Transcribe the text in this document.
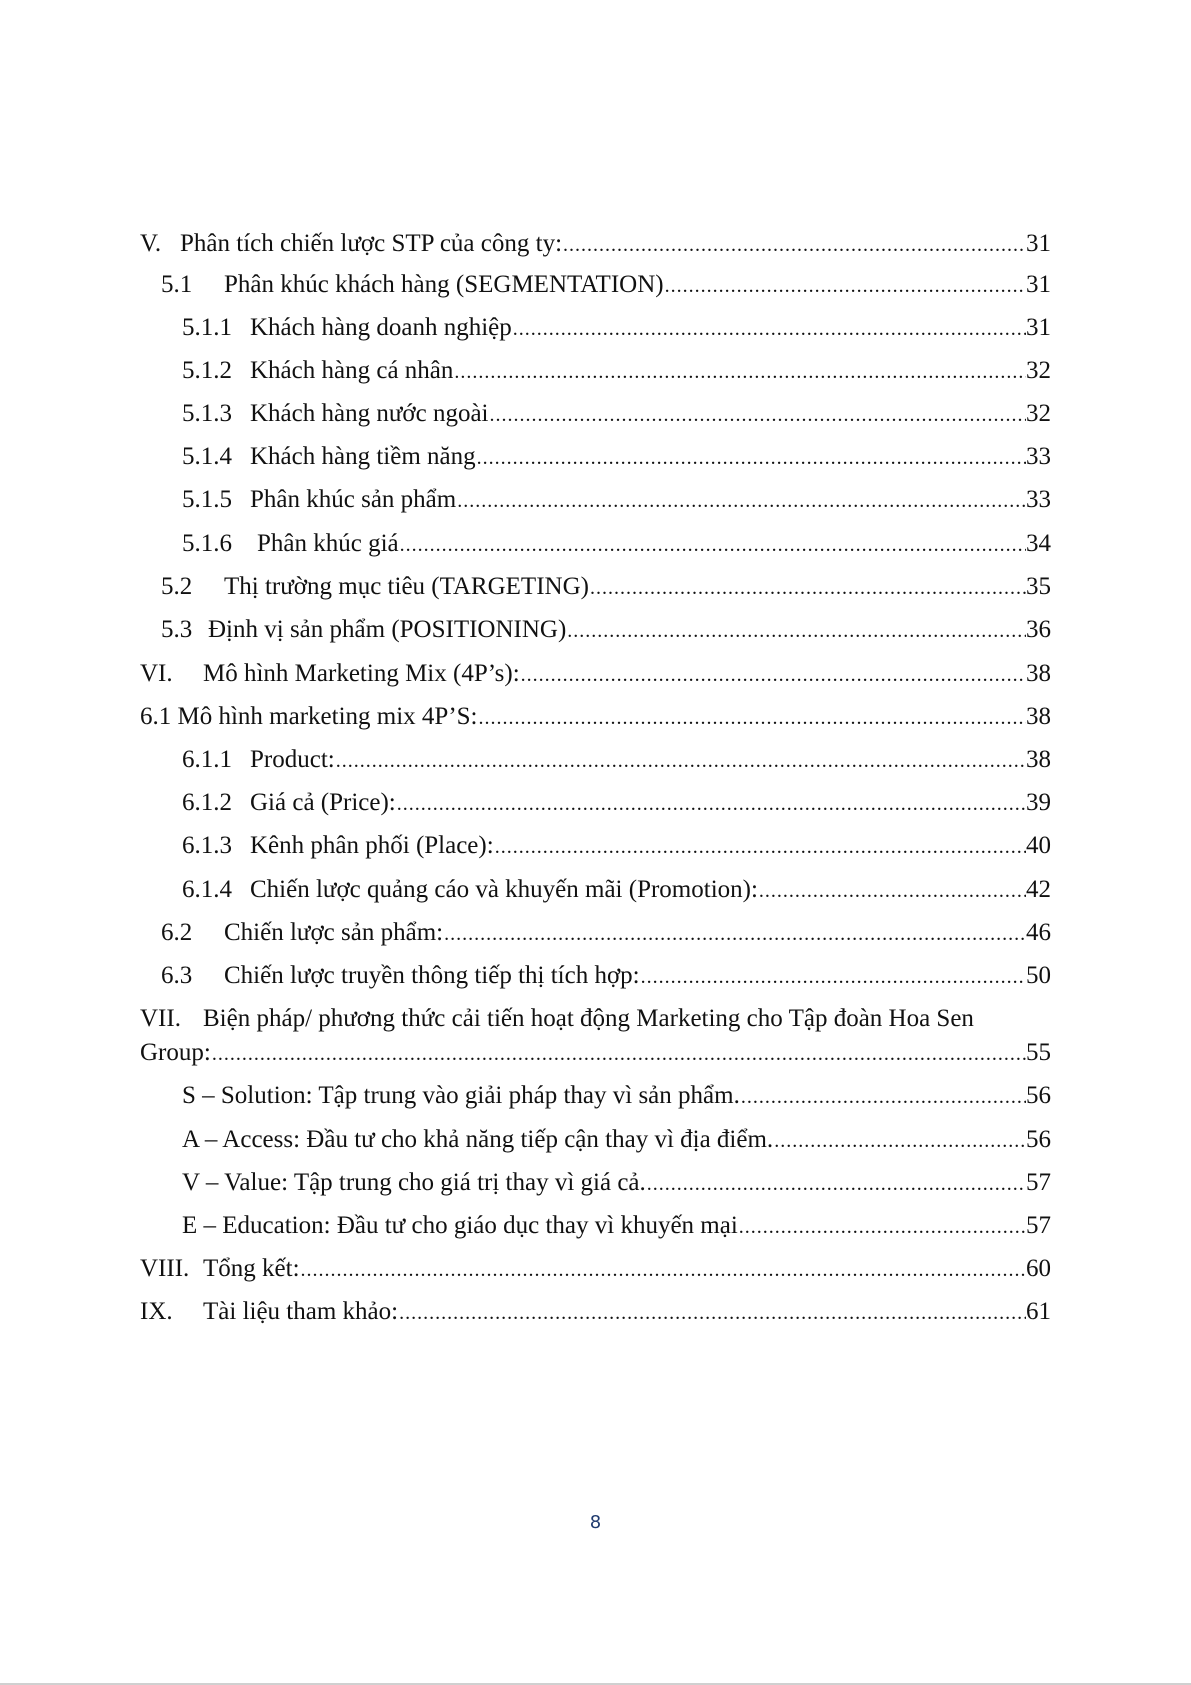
V. Phân tích chiến lược STP của công ty: .....	31
5.1	Phân khúc khách hàng (SEGMENTATION) .....	31
5.1.1 Khách hàng doanh nghiệp .....	31
5.1.2 Khách hàng cá nhân .....	32
5.1.3 Khách hàng nước ngoài .....	32
5.1.4 Khách hàng tiềm năng .....	33
5.1.5 Phân khúc sản phẩm .....	33
5.1.6	Phân khúc giá .....	34
5.2	Thị trường mục tiêu (TARGETING) .....	35
5.3 Định vị sản phẩm (POSITIONING) .....	36
VI.	Mô hình Marketing Mix (4P’s): .....	38
6.1 Mô hình marketing mix 4P’S: .....	38
6.1.1 Product: .....	38
6.1.2 Giá cả (Price): .....	39
6.1.3 Kênh phân phối (Place): .....	40
6.1.4 Chiến lược quảng cáo và khuyến mãi (Promotion): .....	42
6.2	Chiến lược sản phẩm: .....	46
6.3	Chiến lược truyền thông tiếp thị tích hợp: .....	50
VII. Biện pháp/ phương thức cải tiến hoạt động Marketing cho Tập đoàn Hoa Sen
Group: .....	55
S – Solution: Tập trung vào giải pháp thay vì sản phẩm. .....	56
A – Access: Đầu tư cho khả năng tiếp cận thay vì địa điểm. .....	56
V – Value: Tập trung cho giá trị thay vì giá cả. .....	57
E – Education: Đầu tư cho giáo dục thay vì khuyến mại .....	57
VIII. Tổng kết: .....	60
IX.	Tài liệu tham khảo: .....	61
8
